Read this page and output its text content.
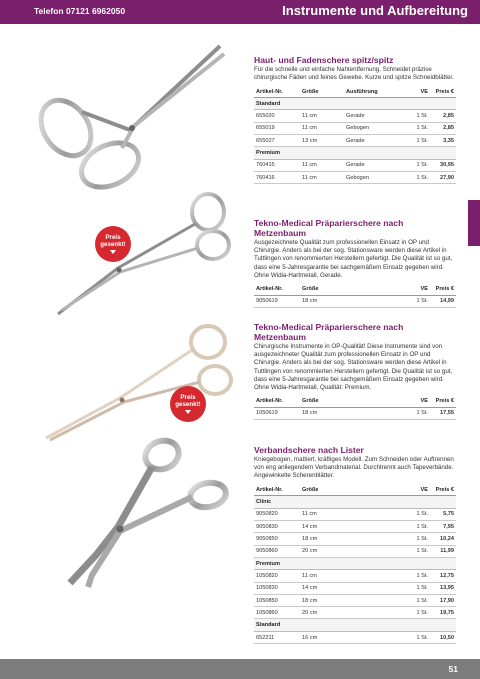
Telefon 07121 6962050	Instrumente und Aufbereitung
Preis
gesenkt!
Preis
gesenkt!
Haut- und Fadenschere spitz/spitz

Für die schnelle und einfache Nahtentfernung. Schneidet präzise chirurgische Fäden und feines Gewebe. Kurze und spitze Schneidblätter.

Artikel-Nr.	Größe	Ausführung	VE	Preis €
Standard				
655020	11 cm	Gerade	1 St.	2,85
655019	11 cm	Gebogen	1 St.	2,85
655027	13 cm	Gerade	1 St.	3,35
Premium				
760415	11 cm	Gerade	1 St.	30,95
760416	11 cm	Gebogen	1 St.	27,90
Tekno-Medical Präparierschere nach Metzenbaum

Ausgezeichnete Qualität zum professionellen Einsatz in OP und Chirurgie. Anders als bei der sog. Stationsware werden diese Artikel in Tuttlingen von renommierten Herstellern gefertigt. Die Qualität ist so gut, dass eine 5-Jahresgarantie bei sachgemäßem Einsatz gegeben wird. Ohne Widia-Hartmetall. Gerade.

Artikel-Nr.	Größe		VE	Preis €
9050619	18 cm		1 St.	14,99
Tekno-Medical Präparierschere nach Metzenbaum

Chirurgische Instrumente in OP-Qualität! Diese Instrumente sind von ausgezeichneter Qualität zum professionellen Einsatz in OP und Chirurgie. Anders als bei der sog. Stationsware werden diese Artikel in Tuttlingen von renommierten Herstellern gefertigt. Die Qualität ist so gut, dass eine 5-Jahresgarantie bei sachgemäßem Einsatz gegeben wird. Ohne Widia-Hartmetall. Qualität: Premium.

Artikel-Nr.	Größe		VE	Preis €
1050619	18 cm		1 St.	17,55
Verbandschere nach Lister

Kniegebogen, mattiert, kräftiges Modell. Zum Schneiden oder Auftrennen von eng anliegendem Verbandmaterial. Durchtrennt auch Tapeverbände. Angewinkelte Scherenblätter.

Artikel-Nr.	Größe		VE	Preis €
Clinic				
9050820	11 cm		1 St.	5,75
9050830	14 cm		1 St.	7,95
9050850	18 cm		1 St.	10,24
9050860	20 cm		1 St.	11,99
Premium				
1050820	11 cm		1 St.	12,75
1050830	14 cm		1 St.	13,95
1050850	18 cm		1 St.	17,90
1050860	20 cm		1 St.	19,75
Standard				
652211	16 cm		1 St.	10,50
51
